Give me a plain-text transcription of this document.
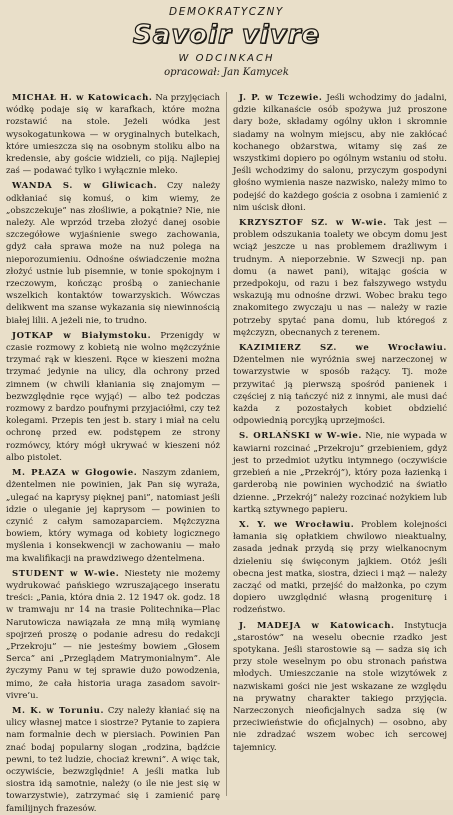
DEMOKRATYCZNY
Savoir vivre
W ODCINKACH
opracował: Jan Kamycek

MICHAŁ H. w Katowicach. Na przyjęciach wódkę podaje się w karafkach, które można rozstawić na stole. Jeżeli wódka jest wysokogatunkowa — w oryginalnych butelkach, które umieszcza się na osobnym stoliku albo na kredensie, aby goście widzieli, co piją. Najlepiej zaś — podawać tylko i wyłącznie mleko.

WANDA S. w Gliwicach. Czy należy odkłaniać się komuś, o kim wiemy, że „obszczekuje” nas złośliwie, a pokątnie? Nie, nie należy. Ale wprzód trzeba złożyć danej osobie szczegółowe wyjaśnienie swego zachowania, gdyż cała sprawa może na nuż polega na nieporozumieniu. Odnośne oświadczenie można złożyć ustnie lub pisemnie, w tonie spokojnym i rzeczowym, kończąc prośbą o zaniechanie wszelkich kontaktów towarzyskich. Wówczas delikwent ma szanse wykazania się niewinnością białej lilii. A jeżeli nie, to trudno.

JOTKAP w Białymstoku. Przenigdy w czasie rozmowy z kobietą nie wolno mężczyźnie trzymać rąk w kieszeni. Ręce w kieszeni można trzymać jedynie na ulicy, dla ochrony przed zimnem (w chwili kłaniania się znajomym — bezwzględnie ręce wyjąć) — albo też podczas rozmowy z bardzo poufnymi przyjaciółmi, czy też kolegami. Przepis ten jest b. stary i miał na celu ochronę przed ew. podstępem ze strony rozmówcy, który mógł ukrywać w kieszeni nóż albo pistolet.

M. PŁAZA w Głogowie. Naszym zdaniem, dżentelmen nie powinien, jak Pan się wyraża, „ulegać na kaprysy pięknej pani”, natomiast jeśli idzie o uleganie jej kaprysom — powinien to czynić z całym samozaparciem. Mężczyzna bowiem, który wymaga od kobiety logicznego myślenia i konsekwencji w zachowaniu — mało ma kwalifikacji na prawdziwego dżentelmena.

STUDENT w W-wie. Niestety nie możemy wydrukować pańskiego wzruszającego inseratu treści: „Pania, która dnia 2. 12 1947 ok. godz. 18 w tramwaju nr 14 na trasie Politechnika—Plac Narutowicza nawiązała ze mną miłą wymianę spojrzeń proszę o podanie adresu do redakcji „Przekroju” — nie jesteśmy bowiem „Głosem Serca” ani „Przeglądem Matrymonialnym”. Ale życzymy Panu w tej sprawie dużo powodzenia, mimo, że cała historia uraga zasadom savoir-vivre’u.

M. K. w Toruniu. Czy należy kłaniać się na ulicy własnej matce i siostrze? Pytanie to zapiera nam formalnie dech w piersiach. Powinien Pan znać bodaj popularny slogan „rodzina, bądźcie pewni, to też ludzie, chociaż krewni”. A więc tak, oczywiście, bezwzględnie! A jeśli matka lub siostra idą samotnie, należy (o ile nie jest się w towarzystwie), zatrzymać się i zamienić parę familijnych frazesów.

J. P. w Tczewie. Jeśli wchodzimy do jadalni, gdzie kilkanaście osób spożywa już proszone dary boże, składamy ogólny ukłon i skromnie siadamy na wolnym miejscu, aby nie zakłócać kochanego obżarstwa, witamy się zaś ze wszystkimi dopiero po ogólnym wstaniu od stołu. Jeśli wchodzimy do salonu, przyczym gospodyni głośno wymienia nasze nazwisko, należy mimo to podejść do każdego gościa z osobna i zamienić z nim uścisk dłoni.

KRZYSZTOF SZ. w W-wie. Tak jest — problem odszukania toalety we obcym domu jest wciąż jeszcze u nas problemem drażliwym i trudnym. A nieporzebnie. W Szwecji np. pan domu (a nawet pani), witając gościa w przedpokoju, od razu i bez fałszywego wstydu wskazują mu odnośne drzwi. Wobec braku tego znakomitego zwyczaju u nas — należy w razie potrzeby spytać pana domu, lub któregoś z mężczyzn, obecnanych z terenem.

KAZIMIERZ SZ. we Wrocławiu. Dżentelmen nie wyróżnia swej narzeczonej w towarzystwie w sposób rażący. Tj. może przywitać ją pierwszą spośród panienek i częściej z nią tańczyć niż z innymi, ale musi dać każda z pozostałych kobiet obdzielić odpowiednią porcyjką uprzejmości.

S. ORLAŃSKI w W-wie. Nie, nie wypada w kawiarni rozcinać „Przekroju” grzebieniem, gdyż jest to przedmiot użytku intymnego (oczywiście grzebień a nie „Przekrój”), który poza łazienką i garderobą nie powinien wychodzić na światło dzienne. „Przekrój” należy rozcinać nożykiem lub kartką sztywnego papieru.

X. Y. we Wrocławiu. Problem kolejności łamania się opłatkiem chwilowo nieaktualny, zasada jednak przydą się przy wielkanocnym dzieleniu się święconym jajkiem. Otóż jeśli obecna jest matka, siostra, dzieci i mąż — należy zacząć od matki, przejść do małżonka, po czym dopiero uwzględnić własną progeniturę i rodzeństwo.

J. MADEJA w Katowicach. Instytucja „starostów” na weselu obecnie rzadko jest spotykana. Jeśli starostowie są — sadza się ich przy stole weselnym po obu stronach państwa młodych. Umieszczanie na stole wizytówek z nazwiskami gości nie jest wskazane ze względu na prywatny charakter takiego przyjęcia. Narzeczonych nieoficjalnych sadza się (w przeciwieństwie do oficjalnych) — osobno, aby nie zdradzać wszem wobec ich sercowej tajemnicy.
